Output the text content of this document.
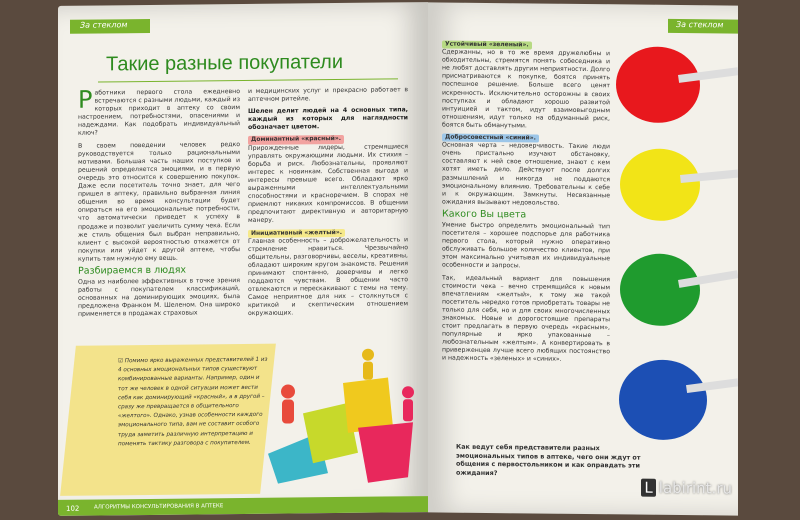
За стеклом
Такие разные покупатели

Работники первого стола ежедневно встречаются с разными людьми, каждый из которых приходит в аптеку со своим настроением, потребностями, опасениями и надеждами. Как подобрать индивидуальный ключ?

В своем поведении человек редко руководствуется только рациональными мотивами. Большая часть наших поступков и решений определяется эмоциями, и в первую очередь это относится к совершению покупок. Даже если посетитель точно знает, для чего пришел в аптеку, правильно выбранная линия общения во время консультации будет опираться на его эмоциональные потребности, что автоматически приведет к успеху в продаже и позволит увеличить сумму чека. Если же стиль общения был выбран неправильно, клиент с высокой вероятностью откажется от покупки или уйдет к другой аптеке, чтобы купить там нужную ему вещь.

Разбираемся в людях

Одна из наиболее эффективных в точке зрения работы с покупателем классификаций, основанных на доминирующих эмоциях, была предложена Франком М. Шеленом. Она широко применяется в продажах страховых

и медицинских услуг и прекрасно работает в аптечном ритейле.

Шелен делит людей на 4 основных типа, каждый из которых для наглядности обозначает цветом.

Доминантный «красный».

Прирожденные лидеры, стремящиеся управлять окружающими людьми. Их стихия – борьба и риск. Любознательны, проявляют интерес к новинкам. Собственная выгода и интересы превыше всего. Обладают ярко выраженными интеллектуальными способностями и красноречием. В спорах не приемлют никаких компромиссов. В общении предпочитают директивную и авторитарную манеру.

Инициативный «желтый».

Главная особенность – доброжелательность и стремление нравиться. Чрезвычайно общительны, разговорчивы, веселы, креативны, обладают широким кругом знакомств. Решения принимают спонтанно, доверчивы и легко поддаются чувствам. В общении часто отвлекаются и перескакивают с темы на тему. Самое неприятное для них – столкнуться с критикой и скептическим отношением окружающих.

☑ Помимо ярко выраженных представителей 1 из 4 основных эмоциональных типов существуют комбинированные варианты. Например, один и тот же человек в одной ситуации может вести себя как доминирующий «красный», а в другой – сразу же превращается в общительного «желтого». Однако, узнав особенности каждого эмоционального типа, вам не составит особого труда заметить различную интерпретацию и поменять тактику разговора с покупателем.
102	АЛГОРИТМЫ КОНСУЛЬТИРОВАНИЯ В АПТЕКЕ
За стеклом
Устойчивый «зеленый».

Сдержанны, но в то же время дружелюбны и обходительны, стремятся понять собеседника и не любят доставлять другим неприятности. Долго присматриваются к покупке, боятся принять поспешное решение. Больше всего ценят искренность. Исключительно осторожны в своих поступках и обладают хорошо развитой интуицией и тактом, идут взаимовыгодным отношениям, идут только на обдуманный риск, боятся быть обманутыми.

Добросовестный «синий».

Основная черта – недоверчивость. Такие люди очень пристально изучают обстановку, составляют к ней свое отношение, знают с кем хотят иметь дело. Действуют после долгих размышлений и никогда не поддаются эмоциональному влиянию. Требовательны к себе и к окружающим. Замкнуты. Несвязанные ожидания вызывают недовольство.

Какого Вы цвета

Умение быстро определить эмоциональный тип посетителя – хорошее подспорье для работника первого стола, который нужно оперативно обслуживать большое количество клиентов, при этом максимально учитывая их индивидуальные особенности и запросы.

Так, идеальный вариант для повышения стоимости чека – вечно стремящийся к новым впечатлениям «желтый», к тому же такой посетитель нередко готов приобретать товары не только для себя, но и для своих многочисленных знакомых. Новые и дорогостоящие препараты стоит предлагать в первую очередь «красным», популярные и ярко упакованные – любознательным «желтым». А конвертировать в приверженцев лучше всего любящих постоянство и надежность «зеленых» и «синих».

Как ведут себя представители разных эмоциональных типов в аптеке, чего они ждут от общения с первостольником и как оправдать эти ожидания?
L labirint.ru
